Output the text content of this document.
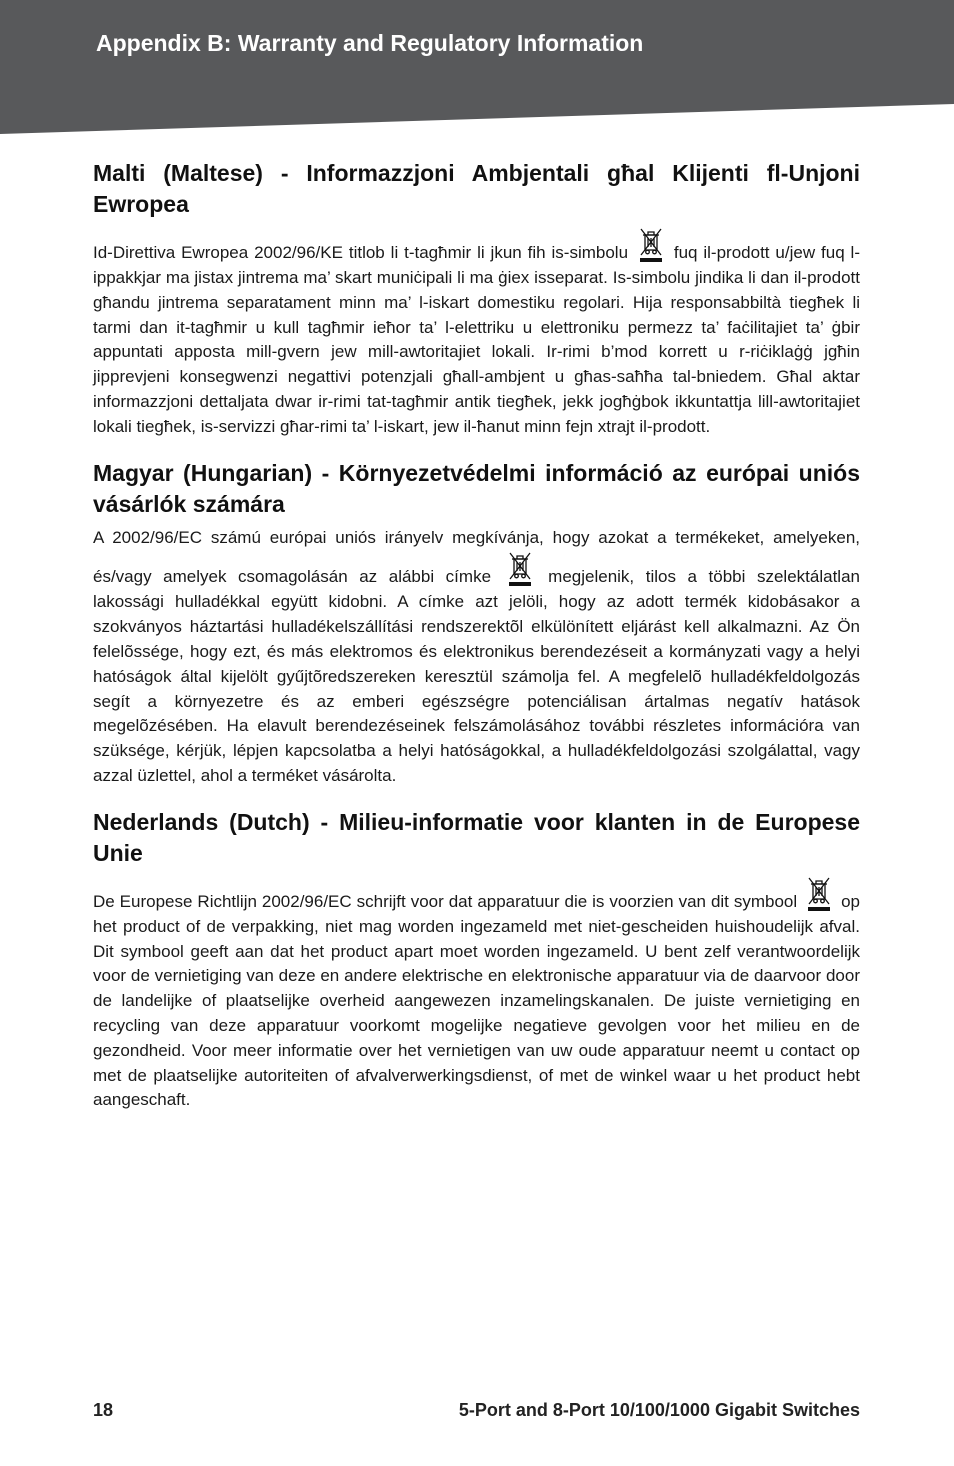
Appendix B: Warranty and Regulatory Information
Malti (Maltese) - Informazzjoni Ambjentali għal Klijenti fl-Unjoni Ewropea

Id-Direttiva Ewropea 2002/96/KE titlob li t-tagħmir li jkun fih is-simbolu
fuq il-prodott u/jew fuq l-ippakkjar ma jistax jintrema ma’ skart muniċipali li ma ġiex isseparat. Is-simbolu jindika li dan il-prodott għandu jintrema separatament minn ma’ l-iskart domestiku regolari. Hija responsabbiltà tiegħek li tarmi dan it-tagħmir u kull tagħmir ieħor ta’ l-elettriku u elettroniku permezz ta’ faċilitajiet ta’ ġbir appuntati apposta mill-gvern jew mill-awtoritajiet lokali. Ir-rimi b’mod korrett u r-riċiklaġġ jgħin jipprevjeni konsegwenzi negattivi potenzjali għall-ambjent u għas-saħħa tal-bniedem. Għal aktar informazzjoni dettaljata dwar ir-rimi tat-tagħmir antik tiegħek, jekk jogħġbok ikkuntattja lill-awtoritajiet lokali tiegħek, is-servizzi għar-rimi ta’ l-iskart, jew il-ħanut minn fejn xtrajt il-prodott.

Magyar (Hungarian) - Környezetvédelmi információ az európai uniós vásárlók számára

A 2002/96/EC számú európai uniós irányelv megkívánja, hogy azokat a termékeket, amelyeken, és/vagy amelyek csomagolásán az alábbi címke
megjelenik, tilos a többi szelektálatlan lakossági hulladékkal együtt kidobni. A címke azt jelöli, hogy az adott termék kidobásakor a szokványos háztartási hulladékelszállítási rendszerektõl elkülönített eljárást kell alkalmazni. Az Ön felelõssége, hogy ezt, és más elektromos és elektronikus berendezéseit a kormányzati vagy a helyi hatóságok által kijelölt gyűjtõredszereken keresztül számolja fel. A megfelelõ hulladékfeldolgozás segít a környezetre és az emberi egészségre potenciálisan ártalmas negatív hatások megelõzésében. Ha elavult berendezéseinek felszámolásához további részletes információra van szüksége, kérjük, lépjen kapcsolatba a helyi hatóságokkal, a hulladékfeldolgozási szolgálattal, vagy azzal üzlettel, ahol a terméket vásárolta.

Nederlands (Dutch) - Milieu-informatie voor klanten in de Europese Unie

De Europese Richtlijn 2002/96/EC schrijft voor dat apparatuur die is voorzien van dit symbool
op het product of de verpakking, niet mag worden ingezameld met niet-gescheiden huishoudelijk afval. Dit symbool geeft aan dat het product apart moet worden ingezameld. U bent zelf verantwoordelijk voor de vernietiging van deze en andere elektrische en elektronische apparatuur via de daarvoor door de landelijke of plaatselijke overheid aangewezen inzamelingskanalen. De juiste vernietiging en recycling van deze apparatuur voorkomt mogelijke negatieve gevolgen voor het milieu en de gezondheid. Voor meer informatie over het vernietigen van uw oude apparatuur neemt u contact op met de plaatselijke autoriteiten of afvalverwerkingsdienst, of met de winkel waar u het product hebt aangeschaft.

18	5-Port and 8-Port 10/100/1000 Gigabit Switches
